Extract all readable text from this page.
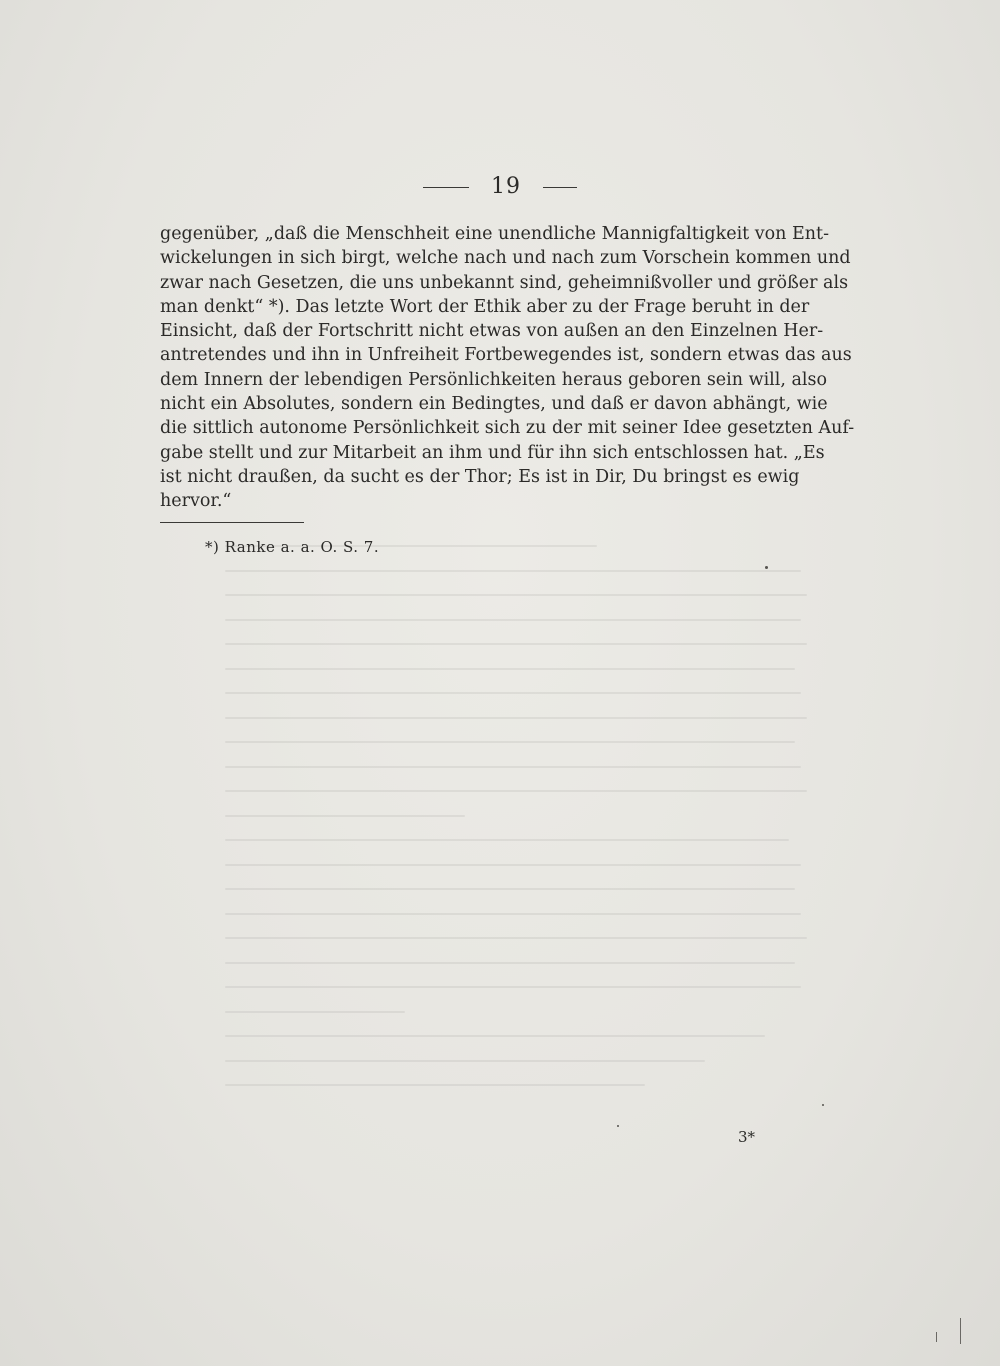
19
gegenüber, „daß die Menschheit eine unendliche Mannigfaltigkeit von Ent-
wickelungen in sich birgt, welche nach und nach zum Vorschein kommen und
zwar nach Gesetzen, die uns unbekannt sind, geheimnißvoller und größer als
man denkt“ *). Das letzte Wort der Ethik aber zu der Frage beruht in der
Einsicht, daß der Fortschritt nicht etwas von außen an den Einzelnen Her-
antretendes und ihn in Unfreiheit Fortbewegendes ist, sondern etwas das aus
dem Innern der lebendigen Persönlichkeiten heraus geboren sein will, also
nicht ein Absolutes, sondern ein Bedingtes, und daß er davon abhängt, wie
die sittlich autonome Persönlichkeit sich zu der mit seiner Idee gesetzten Auf-
gabe stellt und zur Mitarbeit an ihm und für ihn sich entschlossen hat. „Es
ist nicht draußen, da sucht es der Thor; Es ist in Dir, Du bringst es ewig
hervor.“
*) Ranke a. a. O. S. 7.
3*
